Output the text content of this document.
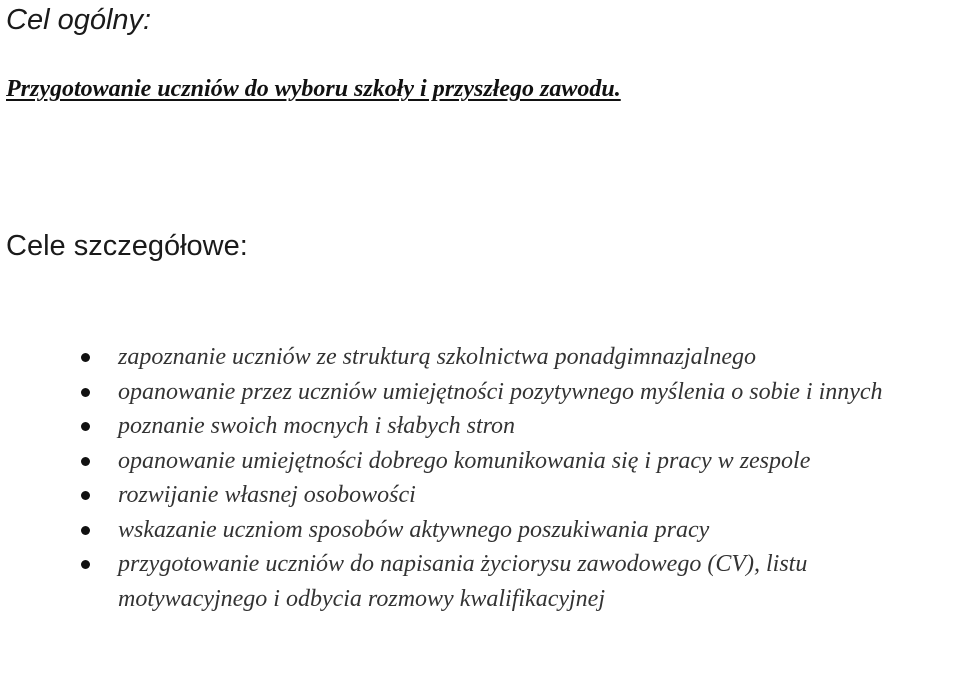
Cel ogólny:

Przygotowanie uczniów do wyboru szkoły i przyszłego zawodu.

Cele szczegółowe:
zapoznanie uczniów ze strukturą szkolnictwa ponadgimnazjalnego
opanowanie przez uczniów umiejętności pozytywnego myślenia o sobie i innych
poznanie swoich mocnych i słabych stron
opanowanie umiejętności dobrego komunikowania się i pracy w zespole
rozwijanie własnej osobowości
wskazanie uczniom sposobów aktywnego poszukiwania pracy
przygotowanie uczniów do napisania życiorysu zawodowego (CV), listu motywacyjnego i odbycia rozmowy kwalifikacyjnej
